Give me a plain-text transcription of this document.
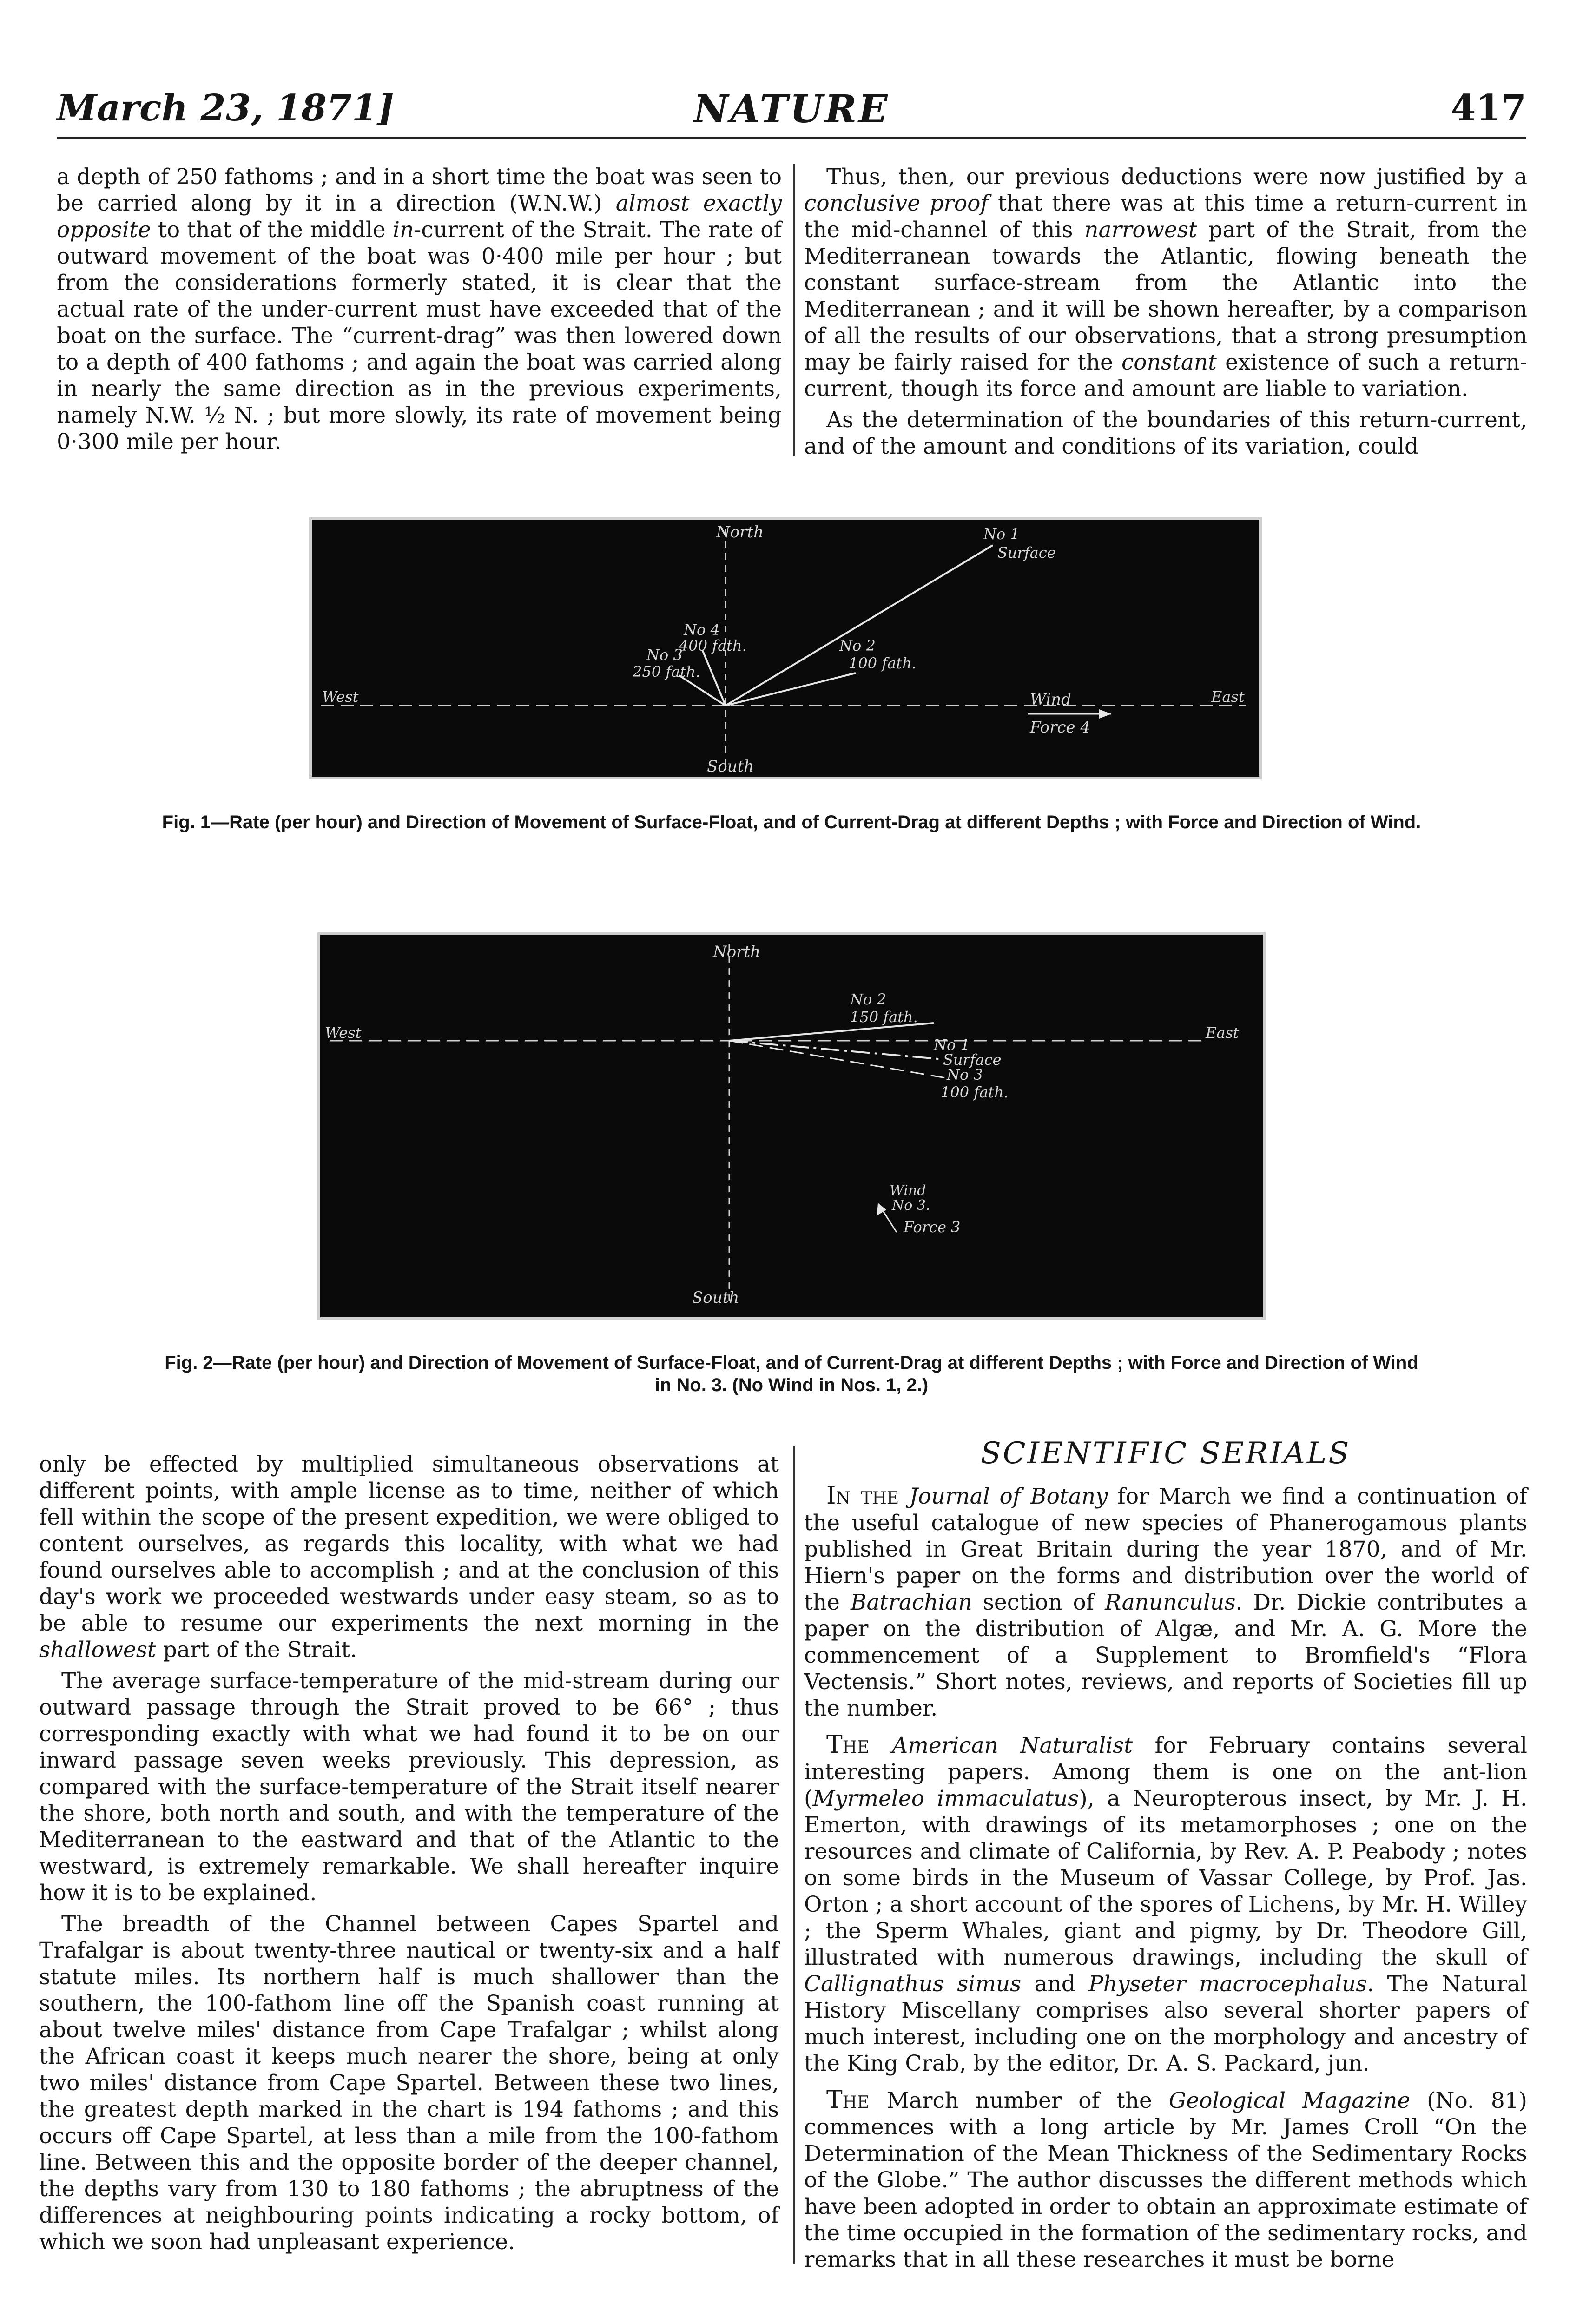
March 23, 1871]	NATURE	417

a depth of 250 fathoms ; and in a short time the boat was seen to be carried along by it in a direction (W.N.W.) almost exactly opposite to that of the middle in-current of the Strait. The rate of outward movement of the boat was 0·400 mile per hour ; but from the considerations formerly stated, it is clear that the actual rate of the under-current must have exceeded that of the boat on the surface. The “current-drag” was then lowered down to a depth of 400 fathoms ; and again the boat was carried along in nearly the same direction as in the previous experiments, namely N.W. ½ N. ; but more slowly, its rate of movement being 0·300 mile per hour.

Thus, then, our previous deductions were now justified by a conclusive proof that there was at this time a return-current in the mid-channel of this narrowest part of the Strait, from the Mediterranean towards the Atlantic, flowing beneath the constant surface-stream from the Atlantic into the Mediterranean ; and it will be shown hereafter, by a comparison of all the results of our observations, that a strong presumption may be fairly raised for the constant existence of such a return-current, though its force and amount are liable to variation.

As the determination of the boundaries of this return-current, and of the amount and conditions of its variation, could

North
South
West	East
No 1
Surface
No 2
100 fath.
No 3
250 fath.
No 4
400 fath.
Wind
Force 4
Fig. 1—Rate (per hour) and Direction of Movement of Surface-Float, and of Current-Drag at different Depths ; with Force and Direction of Wind.
North
South
West	East
No 2
150 fath.
No 1
Surface
No 3
100 fath.
Wind
No 3.
Force 3
Fig. 2—Rate (per hour) and Direction of Movement of Surface-Float, and of Current-Drag at different Depths ; with Force and Direction of Wind
in No. 3. (No Wind in Nos. 1, 2.)

only be effected by multiplied simultaneous observations at different points, with ample license as to time, neither of which fell within the scope of the present expedition, we were obliged to content ourselves, as regards this locality, with what we had found ourselves able to accomplish ; and at the conclusion of this day's work we proceeded westwards under easy steam, so as to be able to resume our experiments the next morning in the shallowest part of the Strait.

The average surface-temperature of the mid-stream during our outward passage through the Strait proved to be 66° ; thus corresponding exactly with what we had found it to be on our inward passage seven weeks previously. This depression, as compared with the surface-temperature of the Strait itself nearer the shore, both north and south, and with the temperature of the Mediterranean to the eastward and that of the Atlantic to the westward, is extremely remarkable. We shall hereafter inquire how it is to be explained.

The breadth of the Channel between Capes Spartel and Trafalgar is about twenty-three nautical or twenty-six and a half statute miles. Its northern half is much shallower than the southern, the 100-fathom line off the Spanish coast running at about twelve miles' distance from Cape Trafalgar ; whilst along the African coast it keeps much nearer the shore, being at only two miles' distance from Cape Spartel. Between these two lines, the greatest depth marked in the chart is 194 fathoms ; and this occurs off Cape Spartel, at less than a mile from the 100-fathom line. Between this and the opposite border of the deeper channel, the depths vary from 130 to 180 fathoms ; the abruptness of the differences at neighbouring points indicating a rocky bottom, of which we soon had unpleasant experience.

SCIENTIFIC SERIALS

In the Journal of Botany for March we find a continuation of the useful catalogue of new species of Phanerogamous plants published in Great Britain during the year 1870, and of Mr. Hiern's paper on the forms and distribution over the world of the Batrachian section of Ranunculus. Dr. Dickie contributes a paper on the distribution of Algæ, and Mr. A. G. More the commencement of a Supplement to Bromfield's “Flora Vectensis.” Short notes, reviews, and reports of Societies fill up the number.

The American Naturalist for February contains several interesting papers. Among them is one on the ant-lion (Myrmeleo immaculatus), a Neuropterous insect, by Mr. J. H. Emerton, with drawings of its metamorphoses ; one on the resources and climate of California, by Rev. A. P. Peabody ; notes on some birds in the Museum of Vassar College, by Prof. Jas. Orton ; a short account of the spores of Lichens, by Mr. H. Willey ; the Sperm Whales, giant and pigmy, by Dr. Theodore Gill, illustrated with numerous drawings, including the skull of Callignathus simus and Physeter macrocephalus. The Natural History Miscellany comprises also several shorter papers of much interest, including one on the morphology and ancestry of the King Crab, by the editor, Dr. A. S. Packard, jun.

The March number of the Geological Magazine (No. 81) commences with a long article by Mr. James Croll “On the Determination of the Mean Thickness of the Sedimentary Rocks of the Globe.” The author discusses the different methods which have been adopted in order to obtain an approximate estimate of the time occupied in the formation of the sedimentary rocks, and remarks that in all these researches it must be borne
